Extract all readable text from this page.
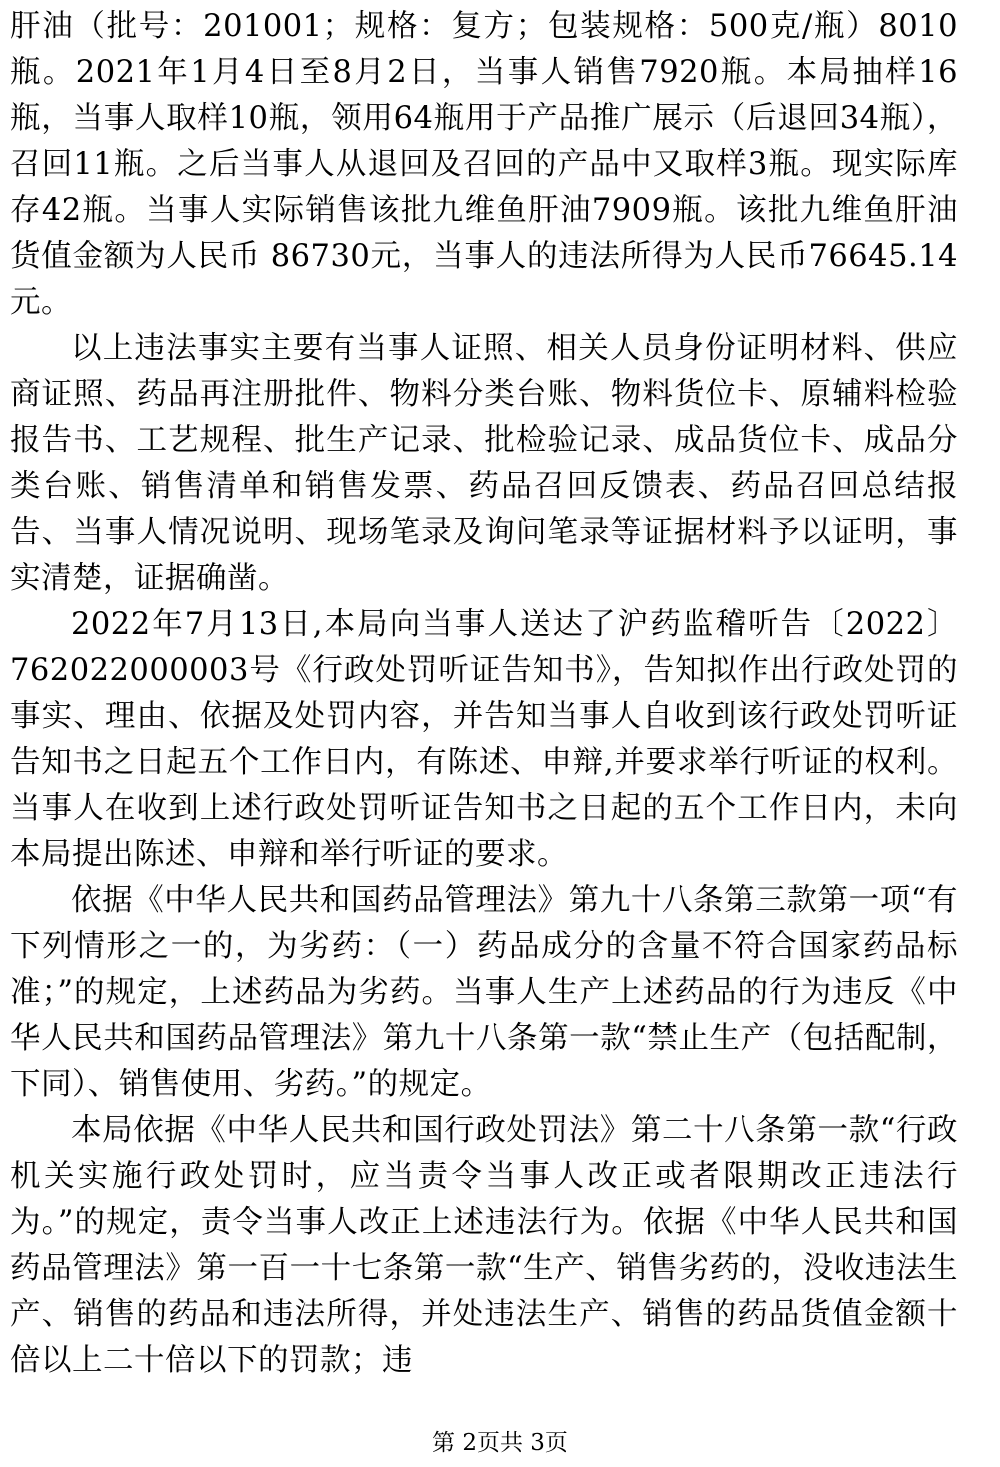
肝油（批号：201001；规格：复方；包装规格：500克/瓶）8010瓶。2021年1月4日至8月2日，当事人销售7920瓶。本局抽样16瓶，当事人取样10瓶，领用64瓶用于产品推广展示（后退回34瓶），召回11瓶。之后当事人从退回及召回的产品中又取样3瓶。现实际库存42瓶。当事人实际销售该批九维鱼肝油7909瓶。该批九维鱼肝油货值金额为人民币 86730元，当事人的违法所得为人民币76645.14元。

以上违法事实主要有当事人证照、相关人员身份证明材料、供应商证照、药品再注册批件、物料分类台账、物料货位卡、原辅料检验报告书、工艺规程、批生产记录、批检验记录、成品货位卡、成品分类台账、销售清单和销售发票、药品召回反馈表、药品召回总结报告、当事人情况说明、现场笔录及询问笔录等证据材料予以证明，事实清楚，证据确凿。

2022年7月13日,本局向当事人送达了沪药监稽听告〔2022〕762022000003号《行政处罚听证告知书》，告知拟作出行政处罚的事实、理由、依据及处罚内容，并告知当事人自收到该行政处罚听证告知书之日起五个工作日内，有陈述、申辩,并要求举行听证的权利。当事人在收到上述行政处罚听证告知书之日起的五个工作日内，未向本局提出陈述、申辩和举行听证的要求。

依据《中华人民共和国药品管理法》第九十八条第三款第一项“有下列情形之一的，为劣药：（一）药品成分的含量不符合国家药品标准；”的规定，上述药品为劣药。当事人生产上述药品的行为违反《中华人民共和国药品管理法》第九十八条第一款“禁止生产（包括配制，下同）、销售使用、劣药。”的规定。

本局依据《中华人民共和国行政处罚法》第二十八条第一款“行政机关实施行政处罚时，应当责令当事人改正或者限期改正违法行为。”的规定，责令当事人改正上述违法行为。依据《中华人民共和国药品管理法》第一百一十七条第一款“生产、销售劣药的，没收违法生产、销售的药品和违法所得，并处违法生产、销售的药品货值金额十倍以上二十倍以下的罚款；违

第 2页共 3页
